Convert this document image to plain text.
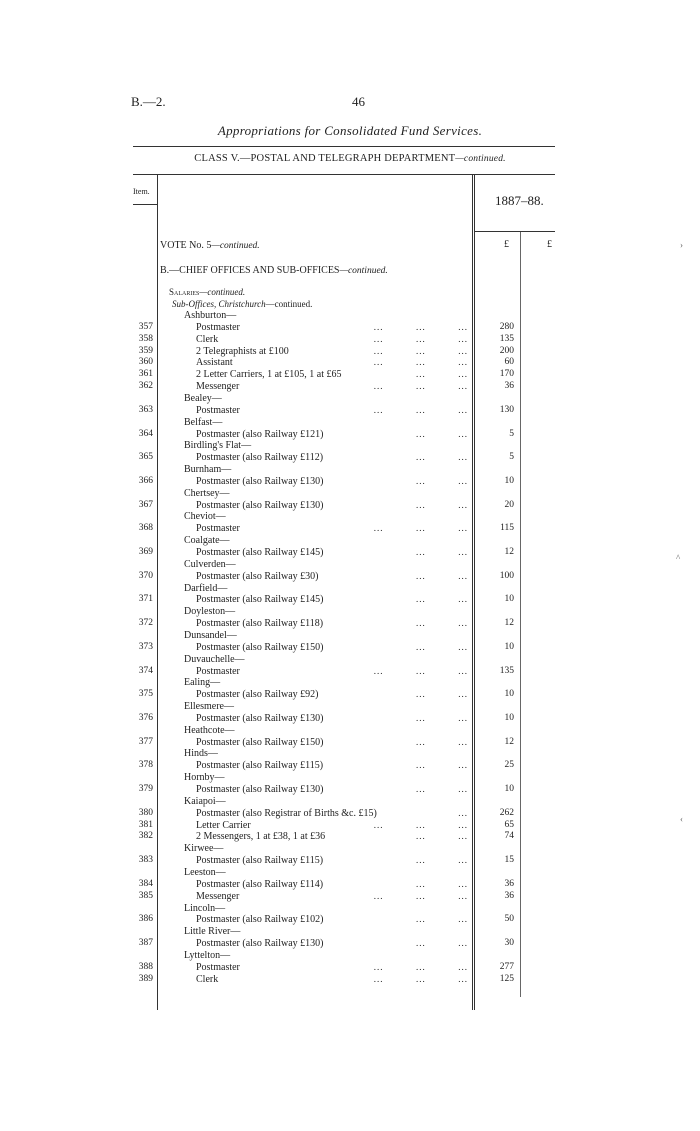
B.—2.	46
Appropriations for Consolidated Fund Services.
CLASS V.—POSTAL AND TELEGRAPH DEPARTMENT—continued.
Item.
1887–88.
£	£
VOTE No. 5—continued.
B.—CHIEF OFFICES AND SUB-OFFICES—continued.
Salaries—continued.
Sub-Offices, Christchurch—continued.
Ashburton—
357	Postmaster	...          ...          ...	280
358	Clerk	...          ...          ...	135
359	2 Telegraphists at £100	...          ...          ...	200
360	Assistant	...          ...          ...	60
361	2 Letter Carriers, 1 at £105, 1 at £65	...          ...	170
362	Messenger	...          ...          ...	36
Bealey—
363	Postmaster	...          ...          ...	130
Belfast—
364	Postmaster (also Railway £121)	...          ...	5
Birdling's Flat—
365	Postmaster (also Railway £112)	...          ...	5
Burnham—
366	Postmaster (also Railway £130)	...          ...	10
Chertsey—
367	Postmaster (also Railway £130)	...          ...	20
Cheviot—
368	Postmaster	...          ...          ...	115
Coalgate—
369	Postmaster (also Railway £145)	...          ...	12
Culverden—
370	Postmaster (also Railway £30)	...          ...	100
Darfield—
371	Postmaster (also Railway £145)	...          ...	10
Doyleston—
372	Postmaster (also Railway £118)	...          ...	12
Dunsandel—
373	Postmaster (also Railway £150)	...          ...	10
Duvauchelle—
374	Postmaster	...          ...          ...	135
Ealing—
375	Postmaster (also Railway £92)	...          ...	10
Ellesmere—
376	Postmaster (also Railway £130)	...          ...	10
Heathcote—
377	Postmaster (also Railway £150)	...          ...	12
Hinds—
378	Postmaster (also Railway £115)	...          ...	25
Hornby—
379	Postmaster (also Railway £130)	...          ...	10
Kaiapoi—
380	Postmaster (also Registrar of Births &c. £15)	...	262
381	Letter Carrier	...          ...          ...	65
382	2 Messengers, 1 at £38, 1 at £36	...          ...	74
Kirwee—
383	Postmaster (also Railway £115)	...          ...	15
Leeston—
384	Postmaster (also Railway £114)	...          ...	36
385	Messenger	...          ...          ...	36
Lincoln—
386	Postmaster (also Railway £102)	...          ...	50
Little River—
387	Postmaster (also Railway £130)	...          ...	30
Lyttelton—
388	Postmaster	...          ...          ...	277
389	Clerk	...          ...          ...	125
›
^
‹
